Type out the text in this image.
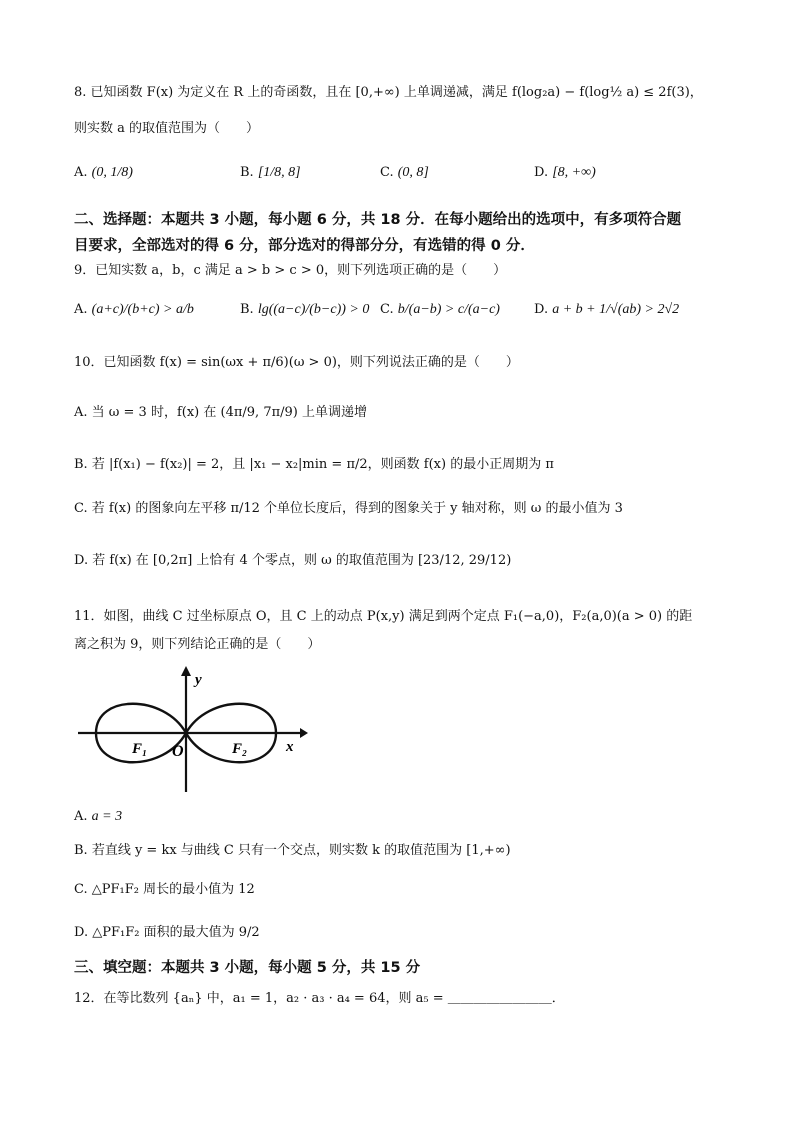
8. 已知函数 F(x) 为定义在 R 上的奇函数，且在 [0,+∞) 上单调递减，满足 f(log₂a) − f(log½ a) ≤ 2f(3)，
则实数 a 的取值范围为（　　）
A. (0, 1/8)	B. [1/8, 8]	C. (0, 8]	D. [8, +∞)
二、选择题：本题共 3 小题，每小题 6 分，共 18 分．在每小题给出的选项中，有多项符合题
目要求，全部选对的得 6 分，部分选对的得部分分，有选错的得 0 分．
9．已知实数 a，b，c 满足 a > b > c > 0，则下列选项正确的是（　　）
A. (a+c)/(b+c) > a/b	B. lg((a−c)/(b−c)) > 0 C. b/(a−b) > c/(a−c)	D. a + b + 1/√(ab) > 2√2
10．已知函数 f(x) = sin(ωx + π/6)(ω > 0)，则下列说法正确的是（　　）
A. 当 ω = 3 时，f(x) 在 (4π/9, 7π/9) 上单调递增
B. 若 |f(x₁) − f(x₂)| = 2，且 |x₁ − x₂|min = π/2，则函数 f(x) 的最小正周期为 π
C. 若 f(x) 的图象向左平移 π/12 个单位长度后，得到的图象关于 y 轴对称，则 ω 的最小值为 3
D. 若 f(x) 在 [0,2π] 上恰有 4 个零点，则 ω 的取值范围为 [23/12, 29/12)
11．如图，曲线 C 过坐标原点 O，且 C 上的动点 P(x,y) 满足到两个定点 F₁(−a,0)，F₂(a,0)(a > 0) 的距
离之积为 9，则下列结论正确的是（　　）
y
x
O
F₁	F₂
A. a = 3
B. 若直线 y = kx 与曲线 C 只有一个交点，则实数 k 的取值范围为 [1,+∞)
C. △PF₁F₂ 周长的最小值为 12
D. △PF₁F₂ 面积的最大值为 9/2
三、填空题：本题共 3 小题，每小题 5 分，共 15 分
12．在等比数列 {aₙ} 中，a₁ = 1，a₂ · a₃ · a₄ = 64，则 a₅ = ＿＿＿＿＿＿＿＿．
